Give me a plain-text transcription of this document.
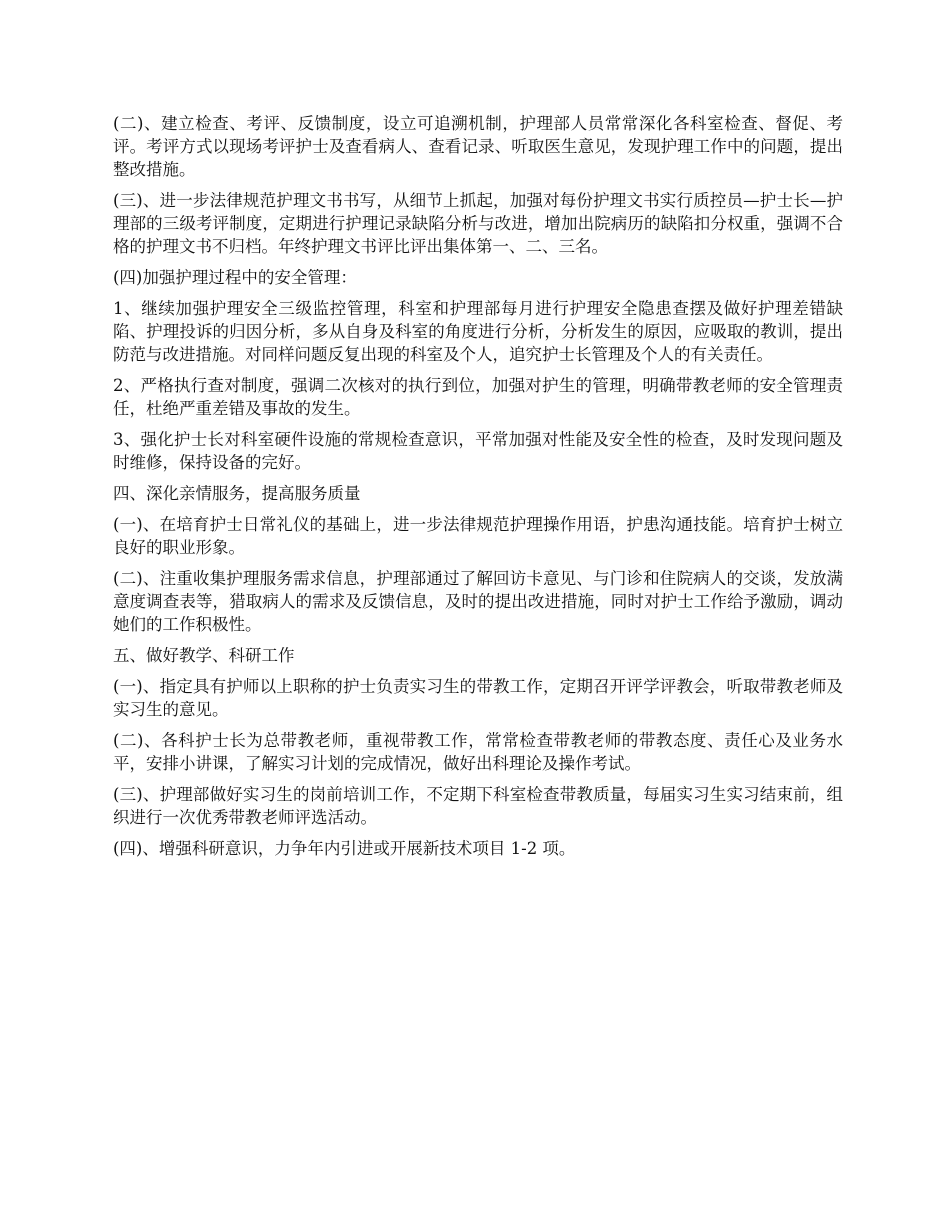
(二)、建立检查、考评、反馈制度，设立可追溯机制，护理部人员常常深化各科室检查、督促、考评。考评方式以现场考评护士及查看病人、查看记录、听取医生意见，发现护理工作中的问题，提出整改措施。

(三)、进一步法律规范护理文书书写，从细节上抓起，加强对每份护理文书实行质控员—护士长—护理部的三级考评制度，定期进行护理记录缺陷分析与改进，增加出院病历的缺陷扣分权重，强调不合格的护理文书不归档。年终护理文书评比评出集体第一、二、三名。

(四)加强护理过程中的安全管理：

1、继续加强护理安全三级监控管理，科室和护理部每月进行护理安全隐患查摆及做好护理差错缺陷、护理投诉的归因分析，多从自身及科室的角度进行分析，分析发生的原因，应吸取的教训，提出防范与改进措施。对同样问题反复出现的科室及个人，追究护士长管理及个人的有关责任。

2、严格执行查对制度，强调二次核对的执行到位，加强对护生的管理，明确带教老师的安全管理责任，杜绝严重差错及事故的发生。

3、强化护士长对科室硬件设施的常规检查意识，平常加强对性能及安全性的检查，及时发现问题及时维修，保持设备的完好。

四、深化亲情服务，提高服务质量

(一)、在培育护士日常礼仪的基础上，进一步法律规范护理操作用语，护患沟通技能。培育护士树立良好的职业形象。

(二)、注重收集护理服务需求信息，护理部通过了解回访卡意见、与门诊和住院病人的交谈，发放满意度调查表等，猎取病人的需求及反馈信息，及时的提出改进措施，同时对护士工作给予激励，调动她们的工作积极性。

五、做好教学、科研工作

(一)、指定具有护师以上职称的护士负责实习生的带教工作，定期召开评学评教会，听取带教老师及实习生的意见。

(二)、各科护士长为总带教老师，重视带教工作，常常检查带教老师的带教态度、责任心及业务水平，安排小讲课，了解实习计划的完成情况，做好出科理论及操作考试。

(三)、护理部做好实习生的岗前培训工作，不定期下科室检查带教质量，每届实习生实习结束前，组织进行一次优秀带教老师评选活动。

(四)、增强科研意识，力争年内引进或开展新技术项目 1-2 项。
